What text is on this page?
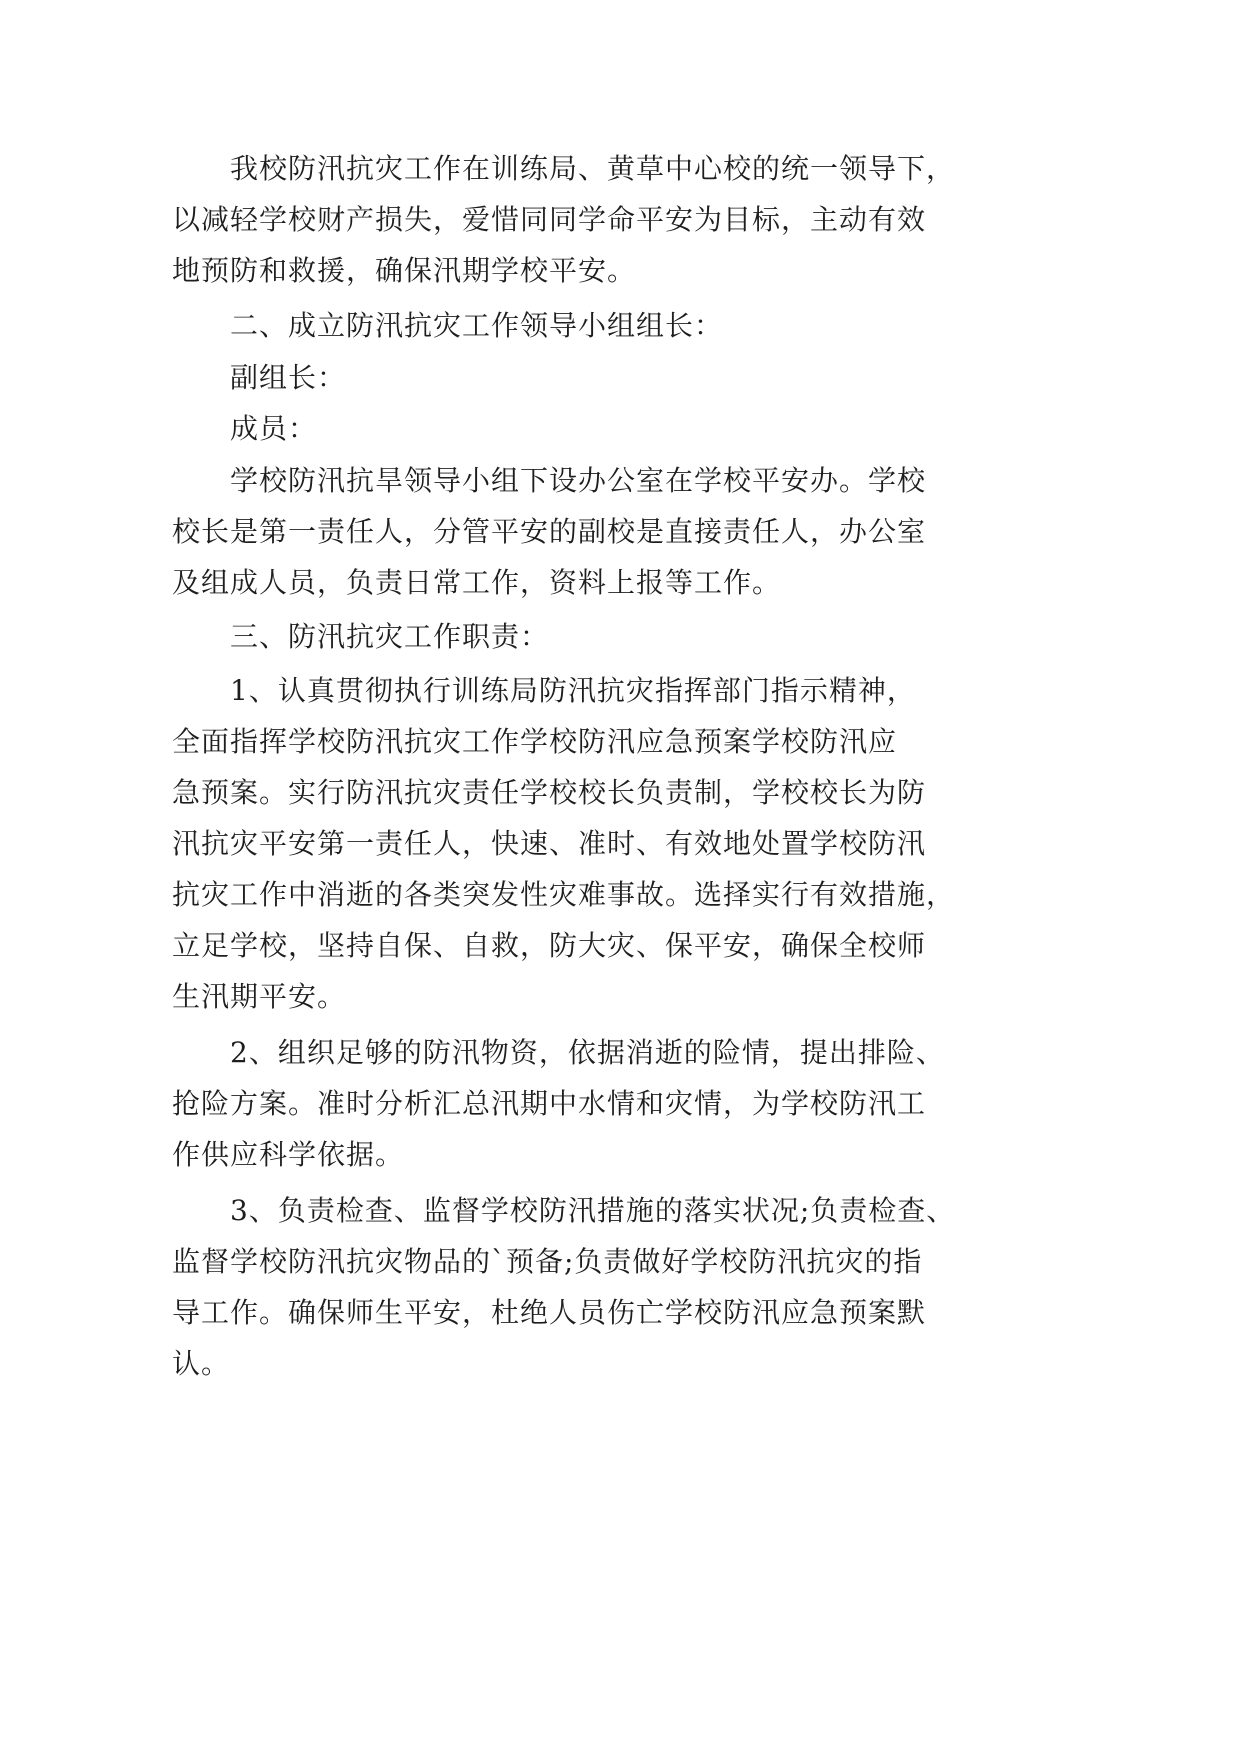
我校防汛抗灾工作在训练局、黄草中心校的统一领导下，
以减轻学校财产损失，爱惜同同学命平安为目标，主动有效
地预防和救援，确保汛期学校平安。
二、成立防汛抗灾工作领导小组组长：
副组长：
成员：
学校防汛抗旱领导小组下设办公室在学校平安办。学校
校长是第一责任人，分管平安的副校是直接责任人，办公室
及组成人员，负责日常工作，资料上报等工作。
三、防汛抗灾工作职责：
1、认真贯彻执行训练局防汛抗灾指挥部门指示精神，
全面指挥学校防汛抗灾工作学校防汛应急预案学校防汛应
急预案。实行防汛抗灾责任学校校长负责制，学校校长为防
汛抗灾平安第一责任人，快速、准时、有效地处置学校防汛
抗灾工作中消逝的各类突发性灾难事故。选择实行有效措施，
立足学校，坚持自保、自救，防大灾、保平安，确保全校师
生汛期平安。
2、组织足够的防汛物资，依据消逝的险情，提出排险、
抢险方案。准时分析汇总汛期中水情和灾情，为学校防汛工
作供应科学依据。
3、负责检查、监督学校防汛措施的落实状况;负责检查、
监督学校防汛抗灾物品的`预备;负责做好学校防汛抗灾的指
导工作。确保师生平安，杜绝人员伤亡学校防汛应急预案默
认。
